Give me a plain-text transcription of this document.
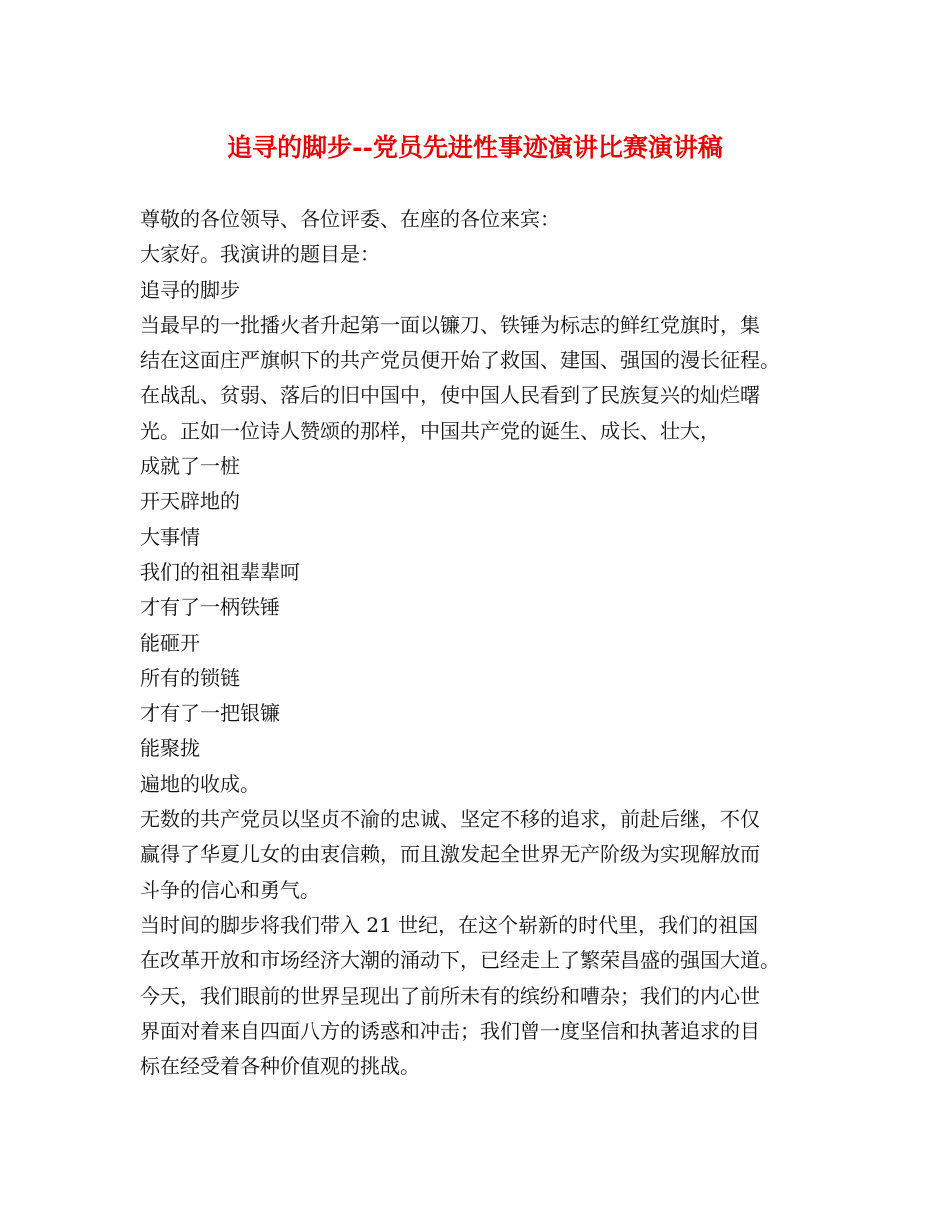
追寻的脚步--党员先进性事迹演讲比赛演讲稿
尊敬的各位领导、各位评委、在座的各位来宾：
大家好。我演讲的题目是：
追寻的脚步
当最早的一批播火者升起第一面以镰刀、铁锤为标志的鲜红党旗时，集
结在这面庄严旗帜下的共产党员便开始了救国、建国、强国的漫长征程。
在战乱、贫弱、落后的旧中国中，使中国人民看到了民族复兴的灿烂曙
光。正如一位诗人赞颂的那样，中国共产党的诞生、成长、壮大，
成就了一桩
开天辟地的
大事情
我们的祖祖辈辈呵
才有了一柄铁锤
能砸开
所有的锁链
才有了一把银镰
能聚拢
遍地的收成。
无数的共产党员以坚贞不渝的忠诚、坚定不移的追求，前赴后继，不仅
赢得了华夏儿女的由衷信赖，而且激发起全世界无产阶级为实现解放而
斗争的信心和勇气。
当时间的脚步将我们带入 21 世纪，在这个崭新的时代里，我们的祖国
在改革开放和市场经济大潮的涌动下，已经走上了繁荣昌盛的强国大道。
今天，我们眼前的世界呈现出了前所未有的缤纷和嘈杂；我们的内心世
界面对着来自四面八方的诱惑和冲击；我们曾一度坚信和执著追求的目
标在经受着各种价值观的挑战。
